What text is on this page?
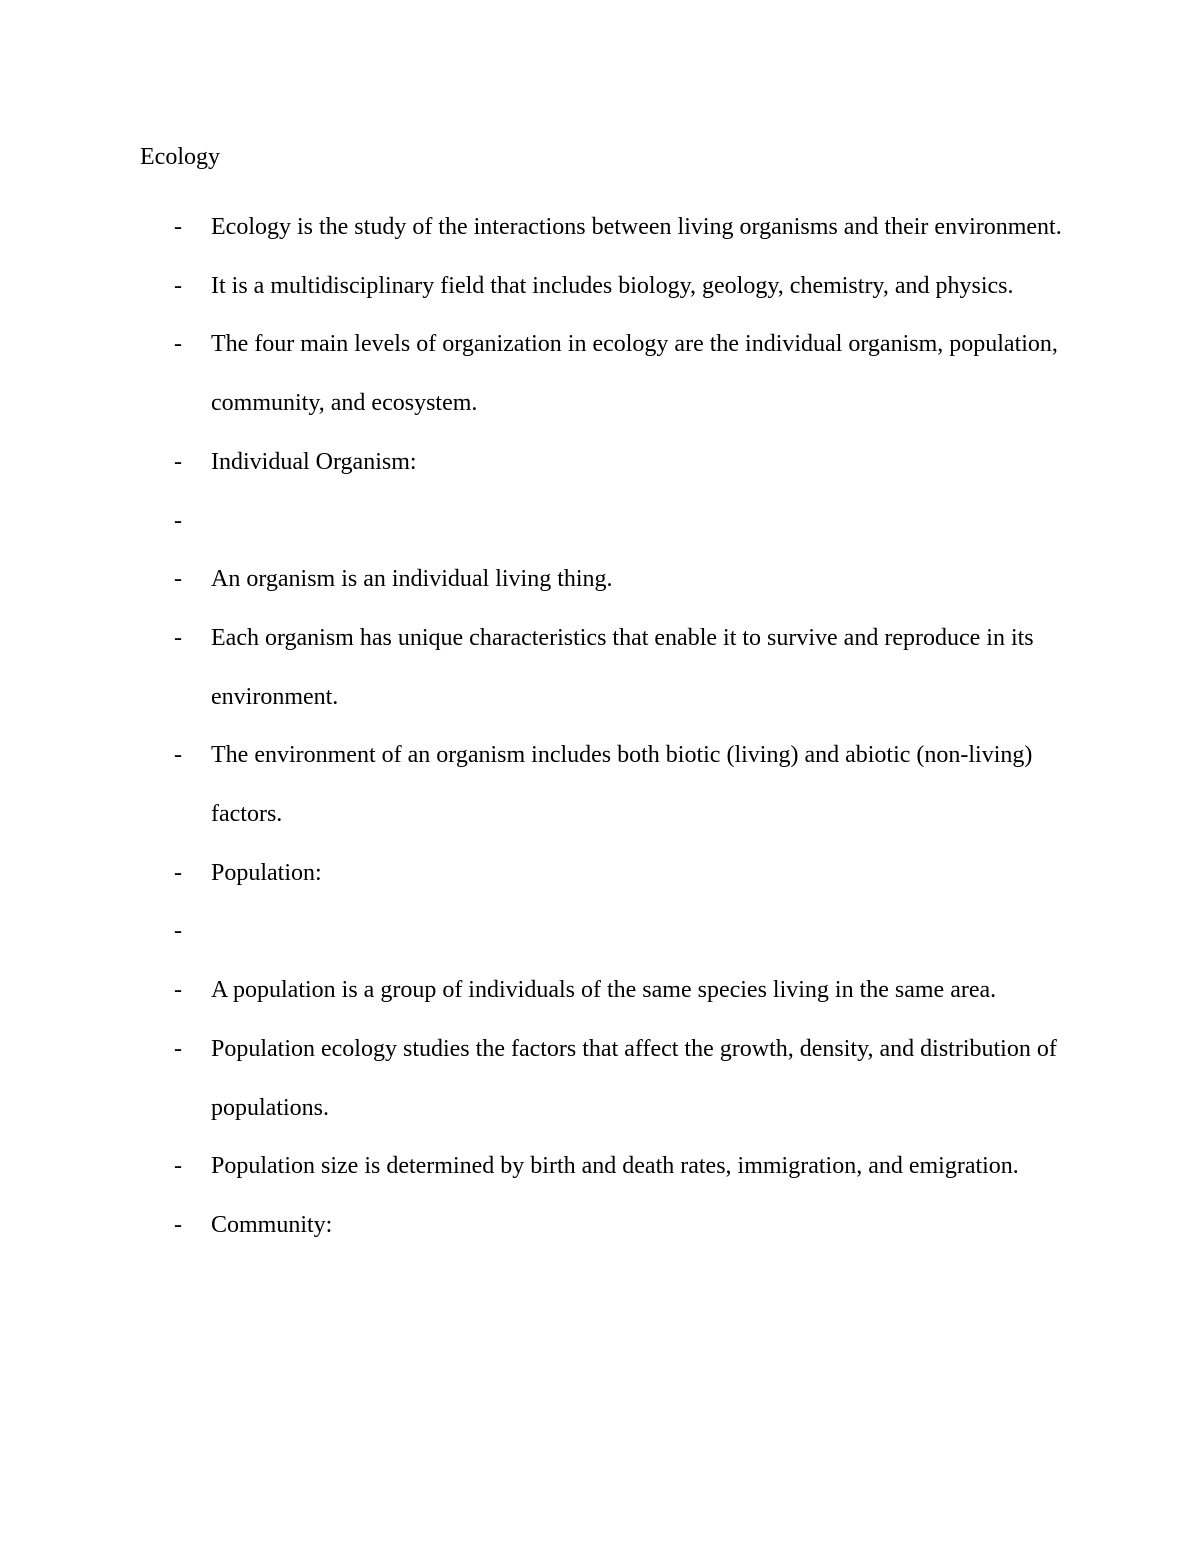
Ecology
-	Ecology is the study of the interactions between living organisms and their environment.
-	It is a multidisciplinary field that includes biology, geology, chemistry, and physics.
-	The four main levels of organization in ecology are the individual organism, population, community, and ecosystem.
-	Individual Organism:
-
-	An organism is an individual living thing.
-	Each organism has unique characteristics that enable it to survive and reproduce in its environment.
-	The environment of an organism includes both biotic (living) and abiotic (non-living) factors.
-	Population:
-
-	A population is a group of individuals of the same species living in the same area.
-	Population ecology studies the factors that affect the growth, density, and distribution of populations.
-	Population size is determined by birth and death rates, immigration, and emigration.
-	Community:
